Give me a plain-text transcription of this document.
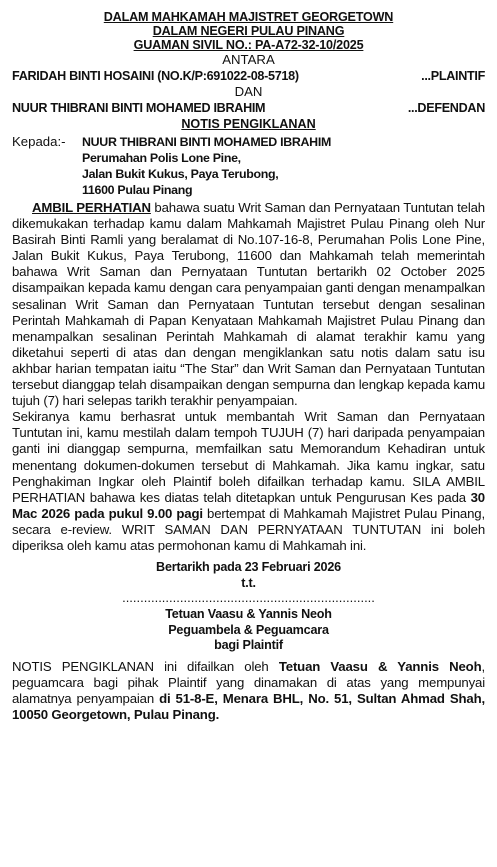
DALAM MAHKAMAH MAJISTRET GEORGETOWN
DALAM NEGERI PULAU PINANG
GUAMAN SIVIL NO.: PA-A72-32-10/2025
ANTARA
FARIDAH BINTI HOSAINI (NO.K/P:691022-08-5718)	...PLAINTIF
DAN
NUUR THIBRANI BINTI MOHAMED IBRAHIM	...DEFENDAN
NOTIS PENGIKLANAN
Kepada:-	NUUR THIBRANI BINTI MOHAMED IBRAHIM
Perumahan Polis Lone Pine,
Jalan Bukit Kukus, Paya Terubong,
11600 Pulau Pinang

AMBIL PERHATIAN bahawa suatu Writ Saman dan Pernyataan Tuntutan telah dikemukakan terhadap kamu dalam Mahkamah Majistret Pulau Pinang oleh Nur Basirah Binti Ramli yang beralamat di No.107-16-8, Perumahan Polis Lone Pine, Jalan Bukit Kukus, Paya Terubong, 11600 dan Mahkamah telah memerintah bahawa Writ Saman dan Pernyataan Tuntutan bertarikh 02 October 2025 disampaikan kepada kamu dengan cara penyampaian ganti dengan menampalkan sesalinan Writ Saman dan Pernyataan Tuntutan tersebut dengan sesalinan Perintah Mahkamah di Papan Kenyataan Mahkamah Majistret Pulau Pinang dan menampalkan sesalinan Perintah Mahkamah di alamat terakhir kamu yang diketahui seperti di atas dan dengan mengiklankan satu notis dalam satu isu akhbar harian tempatan iaitu “The Star” dan Writ Saman dan Pernyataan Tuntutan tersebut dianggap telah disampaikan dengan sempurna dan lengkap kepada kamu tujuh (7) hari selepas tarikh terakhir penyampaian.

Sekiranya kamu berhasrat untuk membantah Writ Saman dan Pernyataan Tuntutan ini, kamu mestilah dalam tempoh TUJUH (7) hari daripada penyampaian ganti ini dianggap sempurna, memfailkan satu Memorandum Kehadiran untuk menentang dokumen-dokumen tersebut di Mahkamah. Jika kamu ingkar, satu Penghakiman Ingkar oleh Plaintif boleh difailkan terhadap kamu. SILA AMBIL PERHATIAN bahawa kes diatas telah ditetapkan untuk Pengurusan Kes pada 30 Mac 2026 pada pukul 9.00 pagi bertempat di Mahkamah Majistret Pulau Pinang, secara e-review. WRIT SAMAN DAN PERNYATAAN TUNTUTAN ini boleh diperiksa oleh kamu atas permohonan kamu di Mahkamah ini.

Bertarikh pada 23 Februari 2026
t.t.
......................................................................
Tetuan Vaasu & Yannis Neoh
Peguambela & Peguamcara
bagi Plaintif

NOTIS PENGIKLANAN ini difailkan oleh Tetuan Vaasu & Yannis Neoh, peguamcara bagi pihak Plaintif yang dinamakan di atas yang mempunyai alamatnya penyampaian di 51-8-E, Menara BHL, No. 51, Sultan Ahmad Shah, 10050 Georgetown, Pulau Pinang.
